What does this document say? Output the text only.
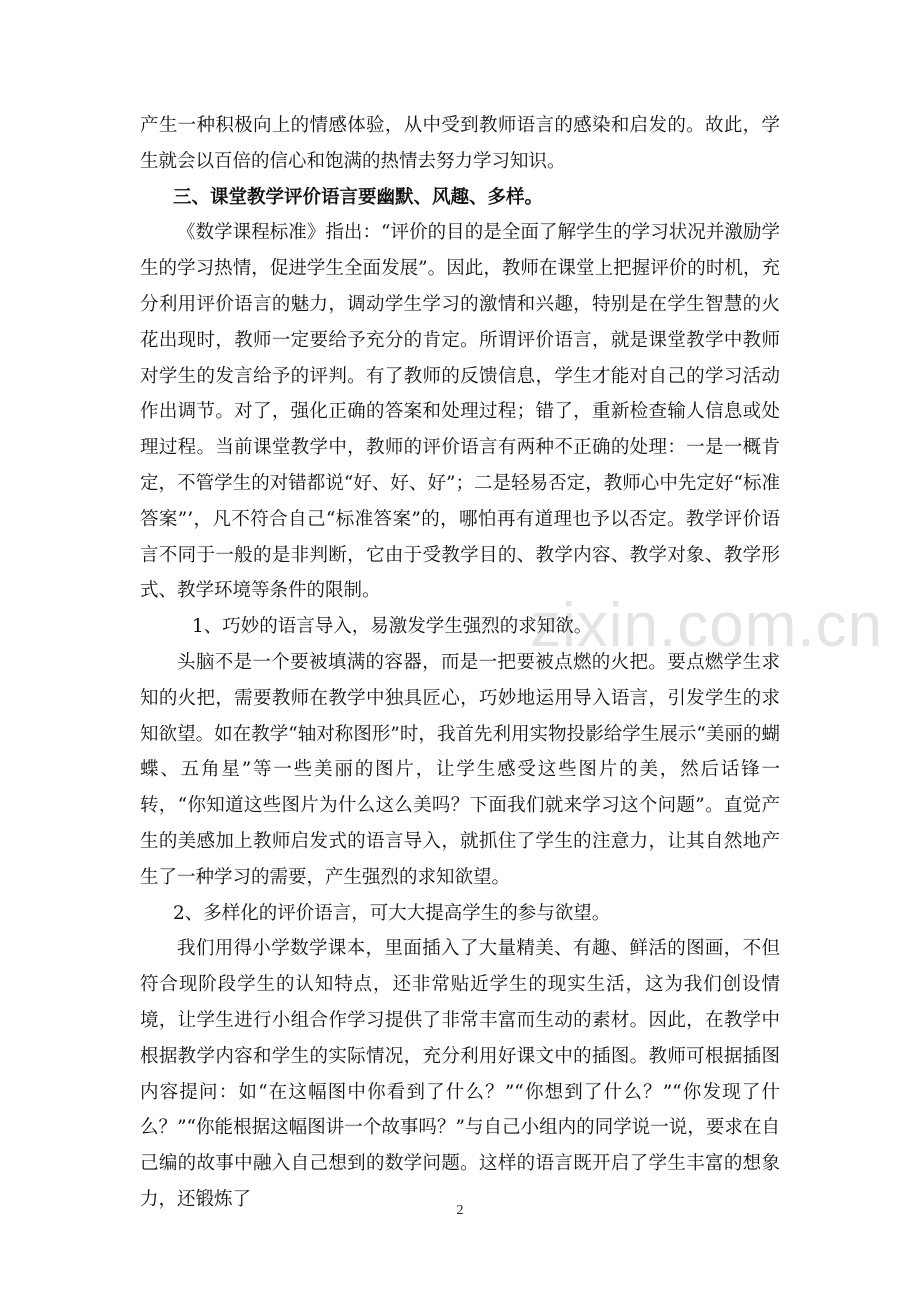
zixin.com.cn

产生一种积极向上的情感体验，从中受到教师语言的感染和启发的。故此，学生就会以百倍的信心和饱满的热情去努力学习知识。

三、课堂教学评价语言要幽默、风趣、多样。

《数学课程标准》指出：“评价的目的是全面了解学生的学习状况并激励学生的学习热情，促进学生全面发展”。因此，教师在课堂上把握评价的时机，充分利用评价语言的魅力，调动学生学习的激情和兴趣，特别是在学生智慧的火花出现时，教师一定要给予充分的肯定。所谓评价语言，就是课堂教学中教师对学生的发言给予的评判。有了教师的反馈信息，学生才能对自己的学习活动作出调节。对了，强化正确的答案和处理过程；错了，重新检查输人信息或处理过程。当前课堂教学中，教师的评价语言有两种不正确的处理：一是一概肯定，不管学生的对错都说“好、好、好”；二是轻易否定，教师心中先定好“标准答案”’，凡不符合自己“标准答案”的，哪怕再有道理也予以否定。教学评价语言不同于一般的是非判断，它由于受教学目的、教学内容、教学对象、教学形式、教学环境等条件的限制。

1、巧妙的语言导入，易激发学生强烈的求知欲。

头脑不是一个要被填满的容器，而是一把要被点燃的火把。要点燃学生求知的火把，需要教师在教学中独具匠心，巧妙地运用导入语言，引发学生的求知欲望。如在教学“轴对称图形”时，我首先利用实物投影给学生展示“美丽的蝴蝶、五角星”等一些美丽的图片，让学生感受这些图片的美，然后话锋一转，“你知道这些图片为什么这么美吗？下面我们就来学习这个问题”。直觉产生的美感加上教师启发式的语言导入，就抓住了学生的注意力，让其自然地产生了一种学习的需要，产生强烈的求知欲望。

2、多样化的评价语言，可大大提高学生的参与欲望。

我们用得小学数学课本，里面插入了大量精美、有趣、鲜活的图画，不但符合现阶段学生的认知特点，还非常贴近学生的现实生活，这为我们创设情境，让学生进行小组合作学习提供了非常丰富而生动的素材。因此，在教学中根据教学内容和学生的实际情况，充分利用好课文中的插图。教师可根据插图内容提问：如“在这幅图中你看到了什么？”“你想到了什么？”“你发现了什么？”“你能根据这幅图讲一个故事吗？”与自己小组内的同学说一说，要求在自己编的故事中融入自己想到的数学问题。这样的语言既开启了学生丰富的想象力，还锻炼了

2
